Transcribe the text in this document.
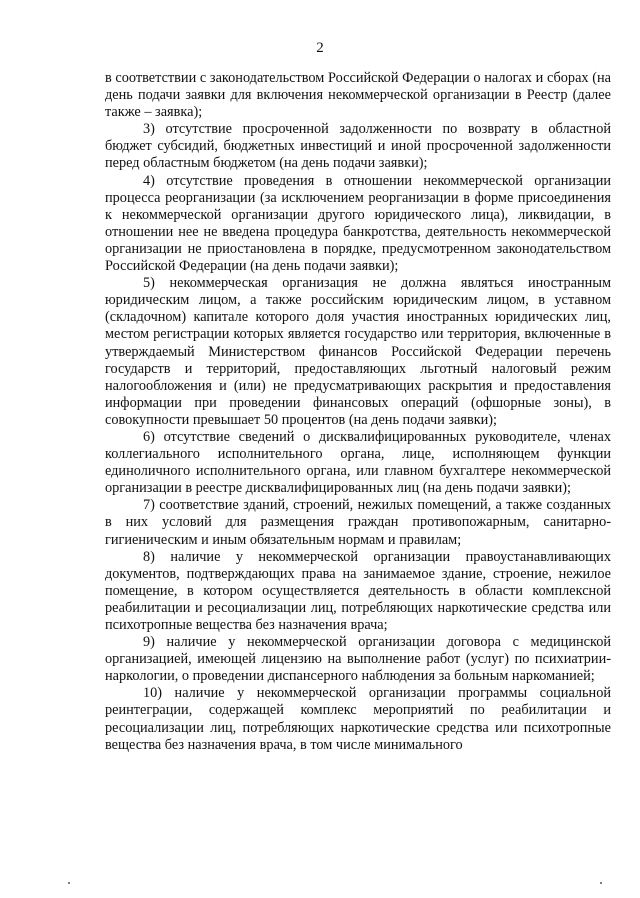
2

в соответствии с законодательством Российской Федерации о налогах и сборах (на день подачи заявки для включения некоммерческой организации в Реестр (далее также – заявка);

3) отсутствие просроченной задолженности по возврату в областной бюджет субсидий, бюджетных инвестиций и иной просроченной задолженности перед областным бюджетом (на день подачи заявки);

4) отсутствие проведения в отношении некоммерческой организации процесса реорганизации (за исключением реорганизации в форме присоединения к некоммерческой организации другого юридического лица), ликвидации, в отношении нее не введена процедура банкротства, деятельность некоммерческой организации не приостановлена в порядке, предусмотренном законодательством Российской Федерации (на день подачи заявки);

5) некоммерческая организация не должна являться иностранным юридическим лицом, а также российским юридическим лицом, в уставном (складочном) капитале которого доля участия иностранных юридических лиц, местом регистрации которых является государство или территория, включенные в утверждаемый Министерством финансов Российской Федерации перечень государств и территорий, предоставляющих льготный налоговый режим налогообложения и (или) не предусматривающих раскрытия и предоставления информации при проведении финансовых операций (офшорные зоны), в совокупности превышает 50 процентов (на день подачи заявки);

6) отсутствие сведений о дисквалифицированных руководителе, членах коллегиального исполнительного органа, лице, исполняющем функции единоличного исполнительного органа, или главном бухгалтере некоммерческой организации в реестре дисквалифицированных лиц (на день подачи заявки);

7) соответствие зданий, строений, нежилых помещений, а также созданных в них условий для размещения граждан противопожарным, санитарно-гигиеническим и иным обязательным нормам и правилам;

8) наличие у некоммерческой организации правоустанавливающих документов, подтверждающих права на занимаемое здание, строение, нежилое помещение, в котором осуществляется деятельность в области комплексной реабилитации и ресоциализации лиц, потребляющих наркотические средства или психотропные вещества без назначения врача;

9) наличие у некоммерческой организации договора с медицинской организацией, имеющей лицензию на выполнение работ (услуг) по психиатрии-наркологии, о проведении диспансерного наблюдения за больным наркоманией;

10) наличие у некоммерческой организации программы социальной реинтеграции, содержащей комплекс мероприятий по реабилитации и ресоциализации лиц, потребляющих наркотические средства или психотропные вещества без назначения врача, в том числе минимального
